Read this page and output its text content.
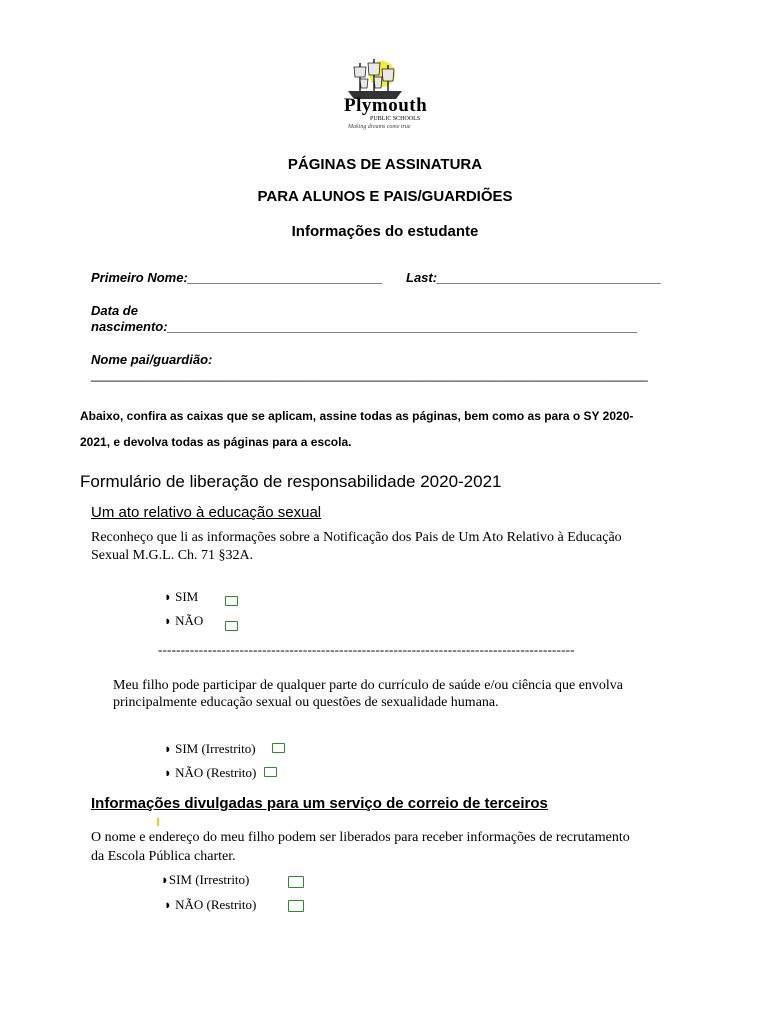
Plymouth
PUBLIC SCHOOLS
Making dreams come true
PÁGINAS DE ASSINATURA
PARA ALUNOS E PAIS/GUARDIÕES
Informações do estudante
Primeiro Nome:___________________________ Last:_______________________________
Data de
nascimento:_________________________________________________________________
Nome pai/guardião:
_____________________________________________________________________________
Abaixo, confira as caixas que se aplicam, assine todas as páginas, bem como as para o SY 2020-
2021, e devolva todas as páginas para a escola.
Formulário de liberação de responsabilidade 2020-2021
Um ato relativo à educação sexual
Reconheço que li as informações sobre a Notificação dos Pais de Um Ato Relativo à Educação
Sexual M.G.L. Ch. 71 §32A.
◗ SIM
◗ NÃO
--------------------------------------------------------------------------------------------
Meu filho pode participar de qualquer parte do currículo de saúde e/ou ciência que envolva
principalmente educação sexual ou questões de sexualidade humana.
◗ SIM (Irrestrito)
◗ NÃO (Restrito)
Informações divulgadas para um serviço de correio de terceiros
O nome e endereço do meu filho podem ser liberados para receber informações de recrutamento
da Escola Pública charter.
◗SIM (Irrestrito)
◗ NÃO (Restrito)
